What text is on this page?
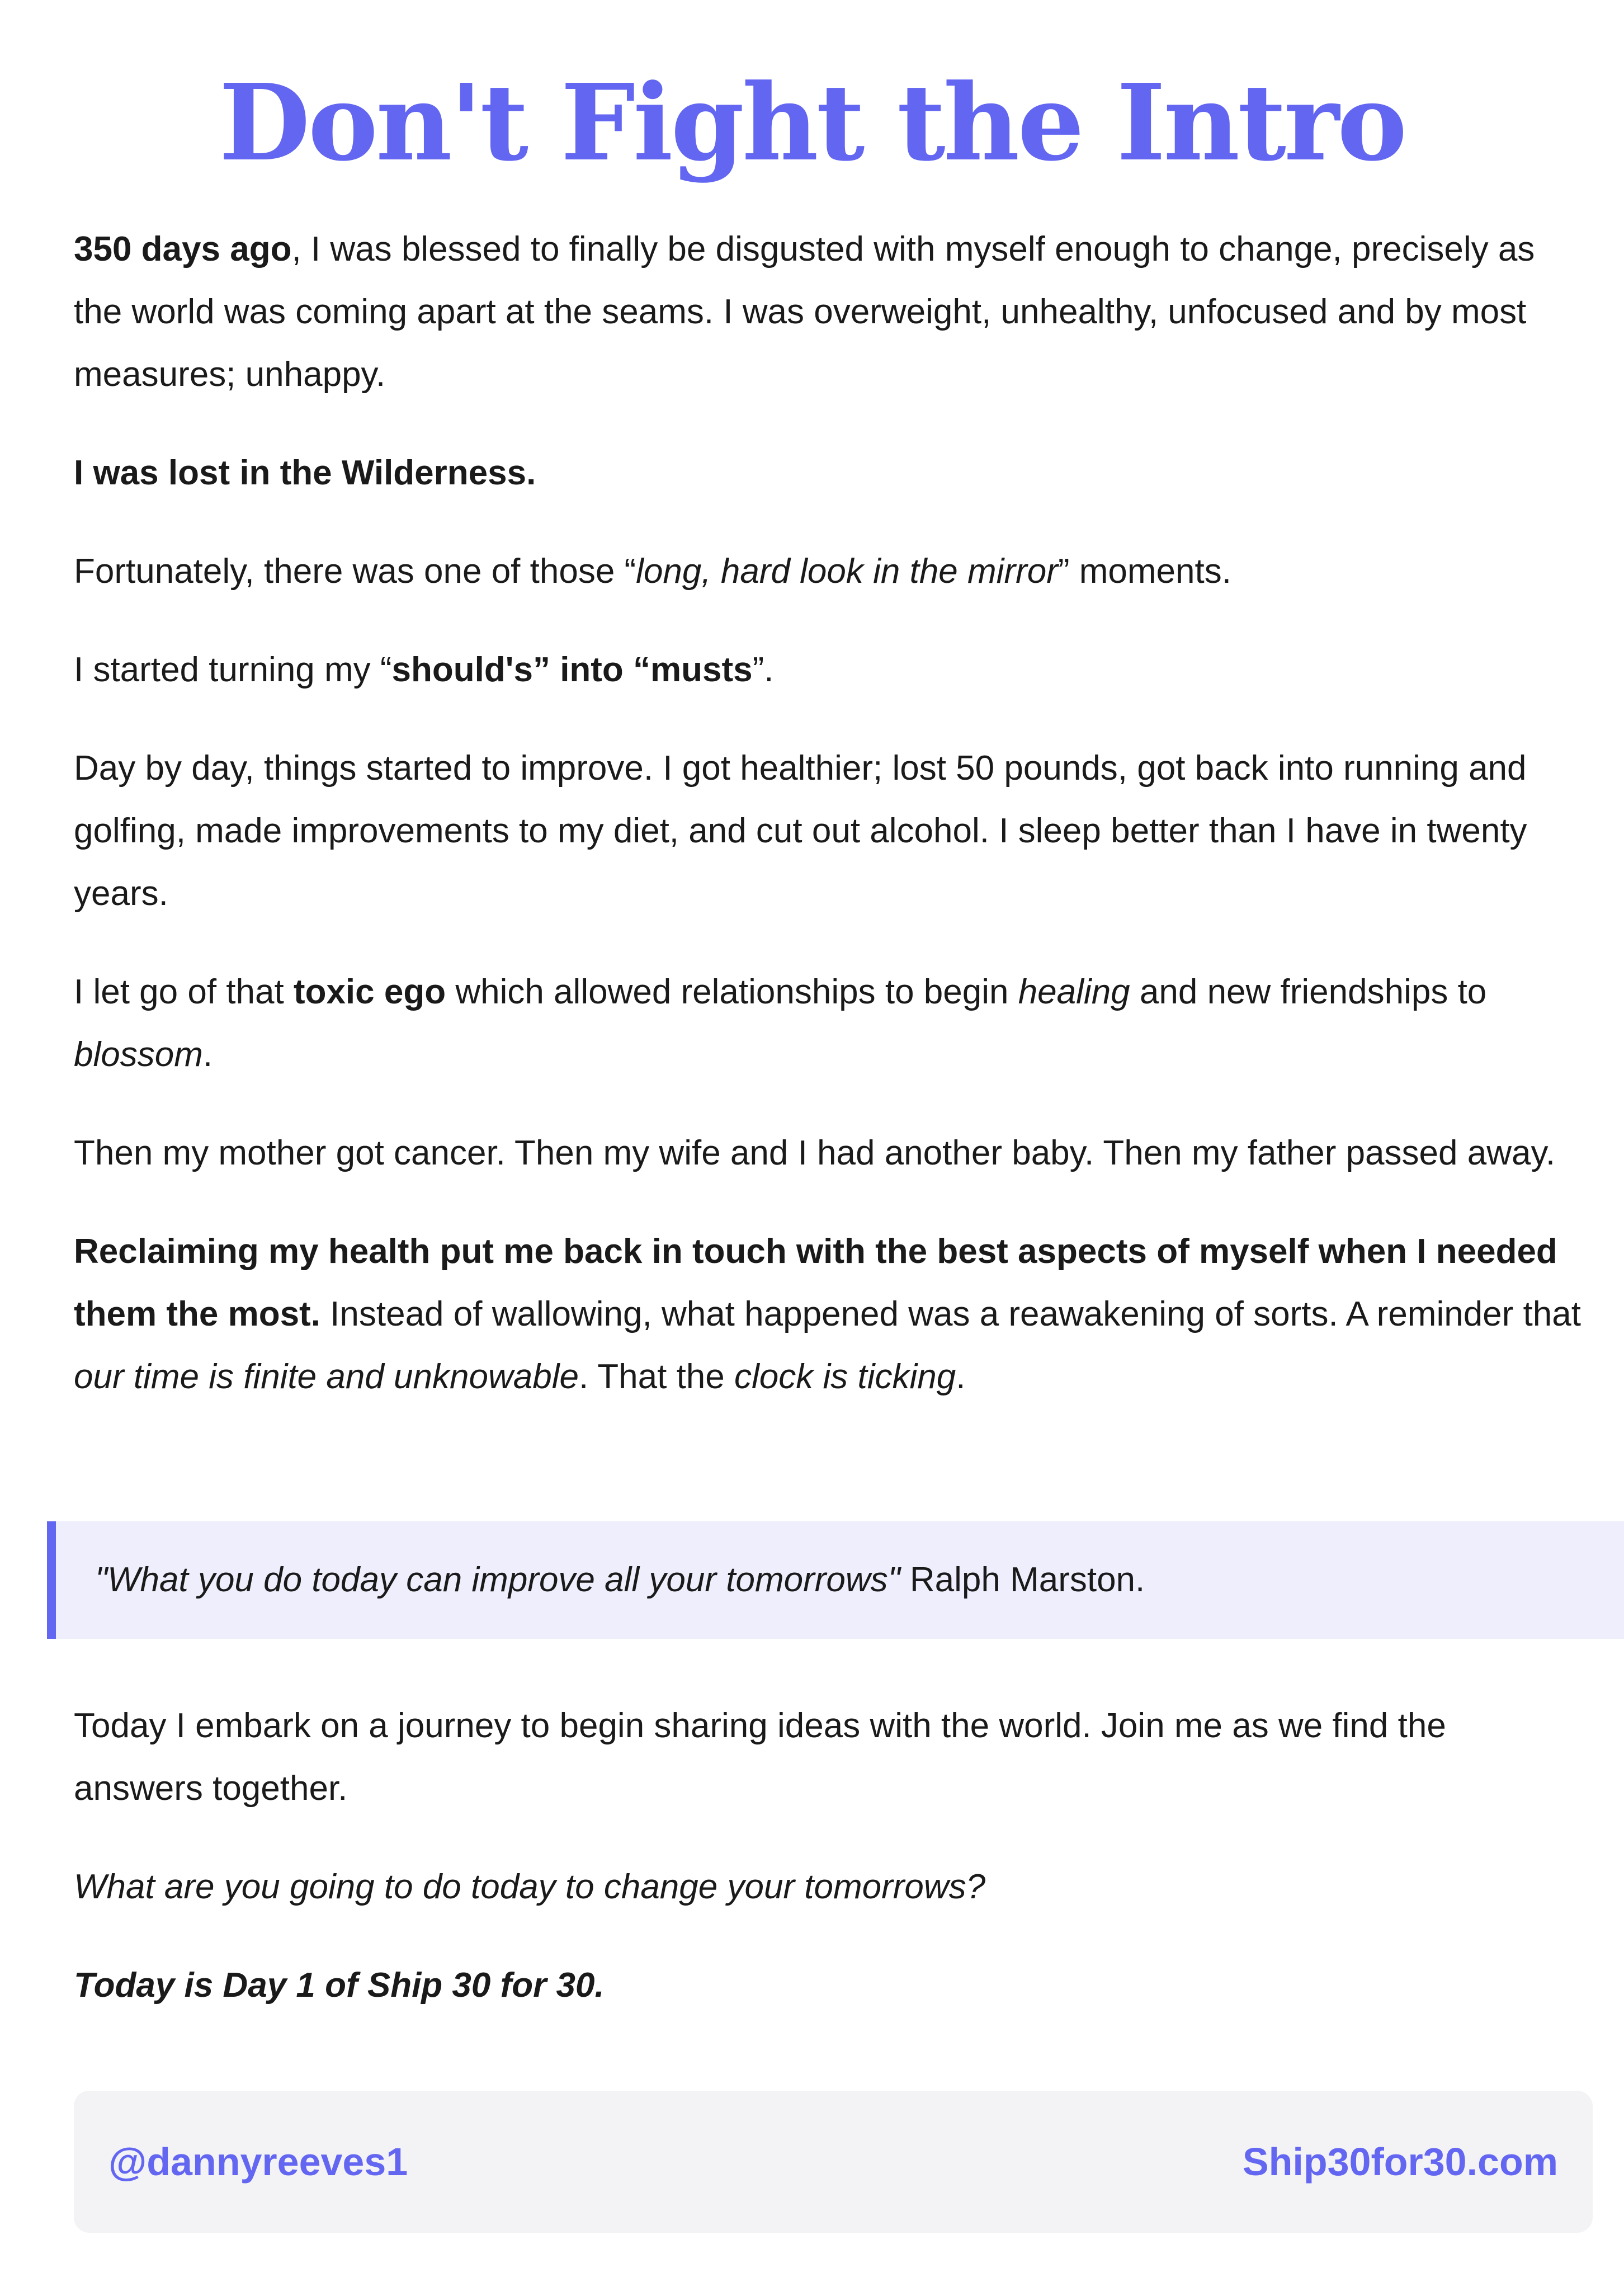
Don't Fight the Intro

350 days ago, I was blessed to finally be disgusted with myself enough to change, precisely as the world was coming apart at the seams. I was overweight, unhealthy, unfocused and by most measures; unhappy.

I was lost in the Wilderness.

Fortunately, there was one of those “long, hard look in the mirror” moments.

I started turning my “should's” into “musts”.

Day by day, things started to improve. I got healthier; lost 50 pounds, got back into running and golfing, made improvements to my diet, and cut out alcohol. I sleep better than I have in twenty years.

I let go of that toxic ego which allowed relationships to begin healing and new friendships to blossom.

Then my mother got cancer. Then my wife and I had another baby. Then my father passed away.

Reclaiming my health put me back in touch with the best aspects of myself when I needed them the most. Instead of wallowing, what happened was a reawakening of sorts. A reminder that our time is finite and unknowable. That the clock is ticking.

"What you do today can improve all your tomorrows" Ralph Marston.

Today I embark on a journey to begin sharing ideas with the world. Join me as we find the answers together.

What are you going to do today to change your tomorrows?

Today is Day 1 of Ship 30 for 30.

@dannyreeves1	Ship30for30.com
